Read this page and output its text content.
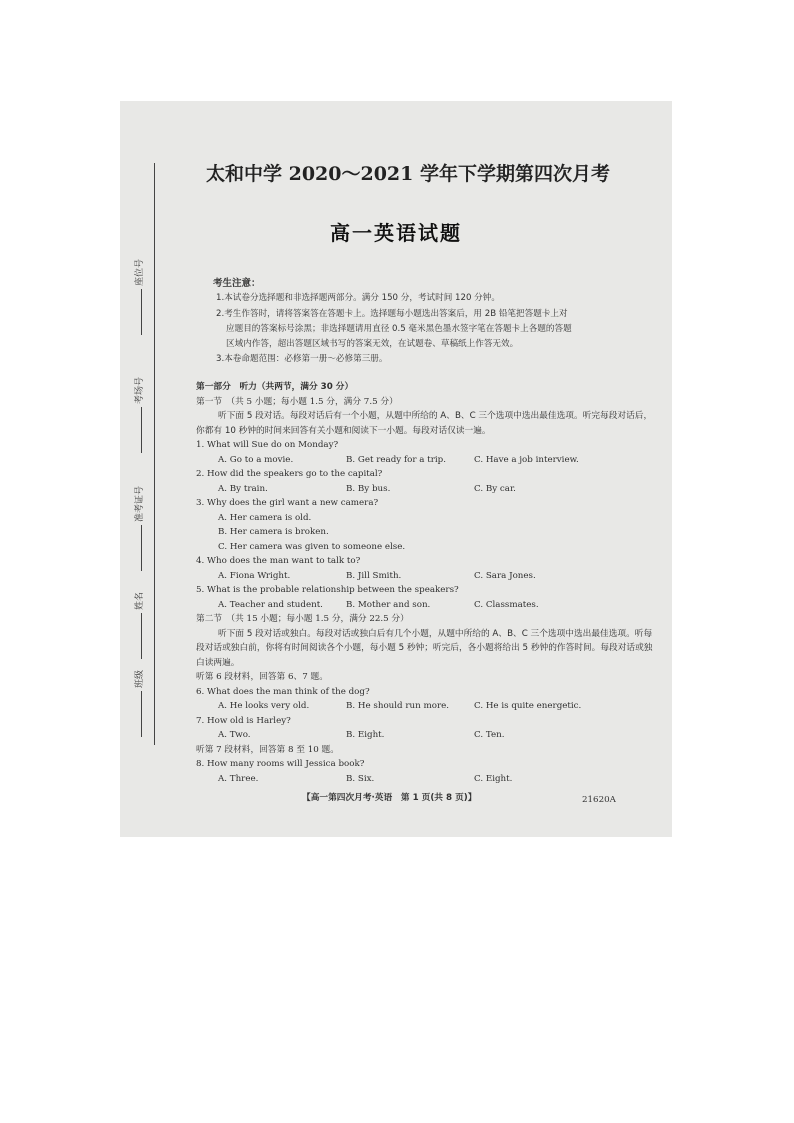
座位号
考场号
准考证号
姓名
班级
太和中学 2020～2021 学年下学期第四次月考
高一英语试题
考生注意：
1.本试卷分选择题和非选择题两部分。满分 150 分，考试时间 120 分钟。
2.考生作答时，请将答案答在答题卡上。选择题每小题选出答案后，用 2B 铅笔把答题卡上对
应题目的答案标号涂黑；非选择题请用直径 0.5 毫米黑色墨水签字笔在答题卡上各题的答题
区域内作答，超出答题区域书写的答案无效，在试题卷、草稿纸上作答无效。
3.本卷命题范围：必修第一册～必修第三册。
第一部分　听力（共两节，满分 30 分）
第一节　（共 5 小题；每小题 1.5 分，满分 7.5 分）
听下面 5 段对话。每段对话后有一个小题，从题中所给的 A、B、C 三个选项中选出最佳选项。听完每段对话后，你都有 10 秒钟的时间来回答有关小题和阅读下一小题。每段对话仅读一遍。
1. What will Sue do on Monday?
A. Go to a movie.	B. Get ready for a trip.	C. Have a job interview.
2. How did the speakers go to the capital?
A. By train.	B. By bus.	C. By car.
3. Why does the girl want a new camera?
A. Her camera is old.
B. Her camera is broken.
C. Her camera was given to someone else.
4. Who does the man want to talk to?
A. Fiona Wright.	B. Jill Smith.	C. Sara Jones.
5. What is the probable relationship between the speakers?
A. Teacher and student.	B. Mother and son.	C. Classmates.
第二节　（共 15 小题；每小题 1.5 分，满分 22.5 分）
听下面 5 段对话或独白。每段对话或独白后有几个小题，从题中所给的 A、B、C 三个选项中选出最佳选项。听每段对话或独白前，你将有时间阅读各个小题，每小题 5 秒钟；听完后，各小题将给出 5 秒钟的作答时间。每段对话或独白读两遍。
听第 6 段材料，回答第 6、7 题。
6. What does the man think of the dog?
A. He looks very old.	B. He should run more.	C. He is quite energetic.
7. How old is Harley?
A. Two.	B. Eight.	C. Ten.
听第 7 段材料，回答第 8 至 10 题。
8. How many rooms will Jessica book?
A. Three.	B. Six.	C. Eight.
【高一第四次月考·英语　第 1 页(共 8 页)】	21620A
